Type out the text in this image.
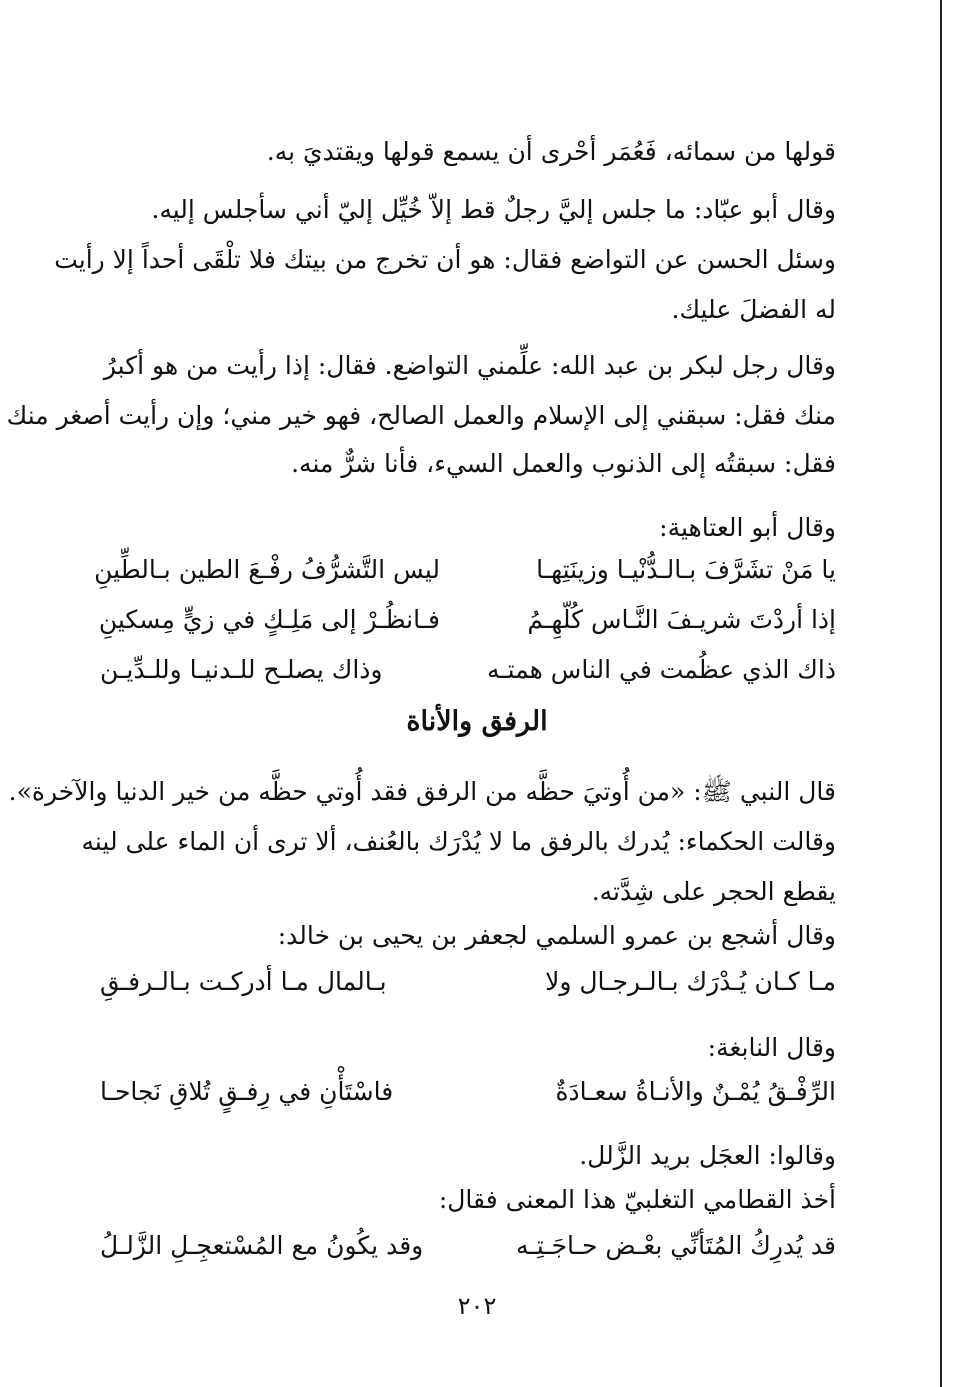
قولها من سمائه، فَعُمَر أحْرى أن يسمع قولها ويقتديَ به.
وقال أبو عبّاد: ما جلس إليَّ رجلٌ قط إلاّ خُيِّل إليّ أني سأجلس إليه.
وسئل الحسن عن التواضع فقال: هو أن تخرج من بيتك فلا تلْقَى أحداً إلا رأيت
له الفضلَ عليك.
وقال رجل لبكر بن عبد الله: علِّمني التواضع. فقال: إذا رأيت من هو أكبرُ
منك فقل: سبقني إلى الإسلام والعمل الصالح، فهو خير مني؛ وإن رأيت أصغر منك
فقل: سبقتُه إلى الذنوب والعمل السيء، فأنا شرٌّ منه.
وقال أبو العتاهية:
يا مَنْ تشَرَّفَ بـالـدُّنْيـا وزينَتِهـا
ليس التَّشرُّفُ رفْـعَ الطين بـالطِّينِ
إذا أردْتَ شريـفَ النَّـاس كُلّهِـمُ
فـانظُـرْ إلى مَلِـكٍ في زيٍّ مِسكينِ
ذاك الذي عظُمت في الناس همتـه
وذاك يصلـح للـدنيـا وللـدِّيـن
الرفق والأناة
قال النبي ﷺ: «من أُوتيَ حظَّه من الرفق فقد أُوتي حظَّه من خير الدنيا والآخرة».
وقالت الحكماء: يُدرك بالرفق ما لا يُدْرَك بالعُنف، ألا ترى أن الماء على لينه
يقطع الحجر على شِدَّته.
وقال أشجع بن عمرو السلمي لجعفر بن يحيى بن خالد:
مـا كـان يُـدْرَك بـالـرجـال ولا
بـالمال مـا أدركـت بـالـرفـقِ
وقال النابغة:
الرِّفْـقُ يُمْـنٌ والأنـاةُ سعـادَةٌ
فاسْتَأْنِ في رِفـقٍ تُلاقِ نَجاحـا
وقالوا: العجَل بريد الزَّلل.
أخذ القطامي التغلبيّ هذا المعنى فقال:
قد يُدرِكُ المُتَأنِّي بعْـض حـاجَـتِـه
وقد يكُونُ مع المُسْتعجِـلِ الزَّلـلُ
٢٠٢
